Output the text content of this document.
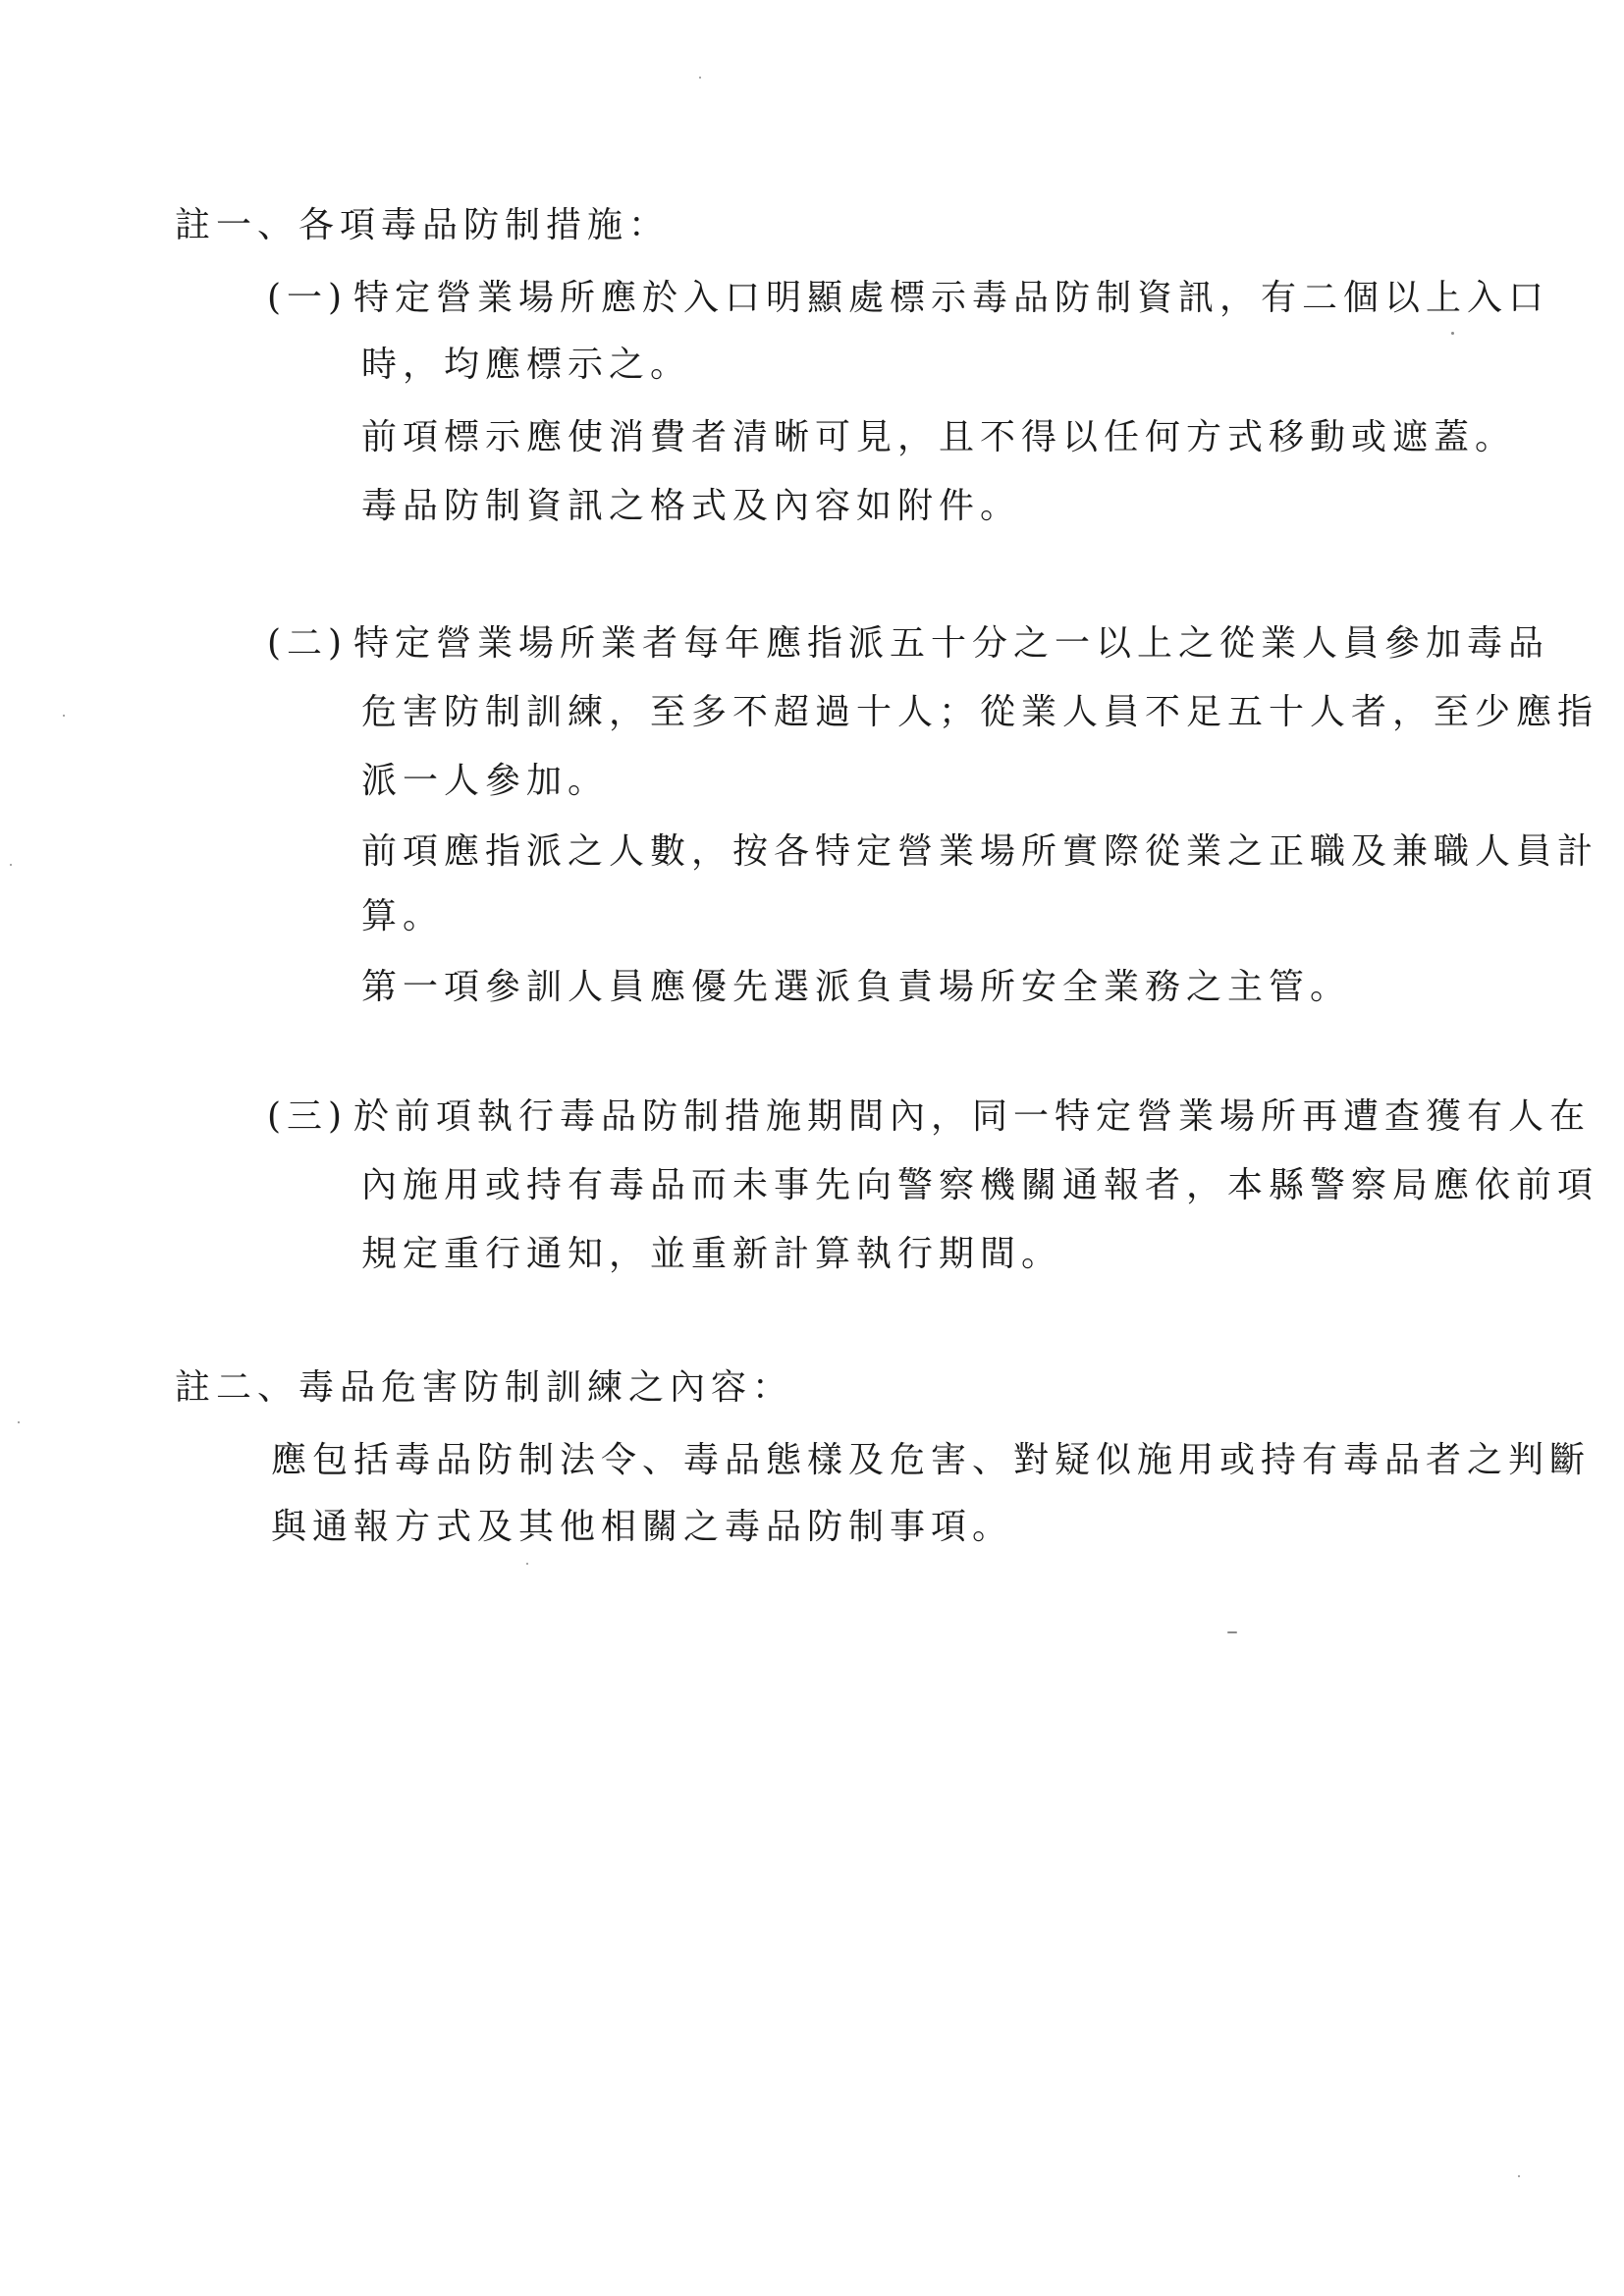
註一、各項毒品防制措施：
(一) 特定營業場所應於入口明顯處標示毒品防制資訊，有二個以上入口
時，均應標示之。
前項標示應使消費者清晰可見，且不得以任何方式移動或遮蓋。
毒品防制資訊之格式及內容如附件。
(二) 特定營業場所業者每年應指派五十分之一以上之從業人員參加毒品
危害防制訓練，至多不超過十人；從業人員不足五十人者，至少應指
派一人參加。
前項應指派之人數，按各特定營業場所實際從業之正職及兼職人員計
算。
第一項參訓人員應優先選派負責場所安全業務之主管。
(三) 於前項執行毒品防制措施期間內，同一特定營業場所再遭查獲有人在
內施用或持有毒品而未事先向警察機關通報者，本縣警察局應依前項
規定重行通知，並重新計算執行期間。
註二、毒品危害防制訓練之內容：
應包括毒品防制法令、毒品態樣及危害、對疑似施用或持有毒品者之判斷
與通報方式及其他相關之毒品防制事項。
